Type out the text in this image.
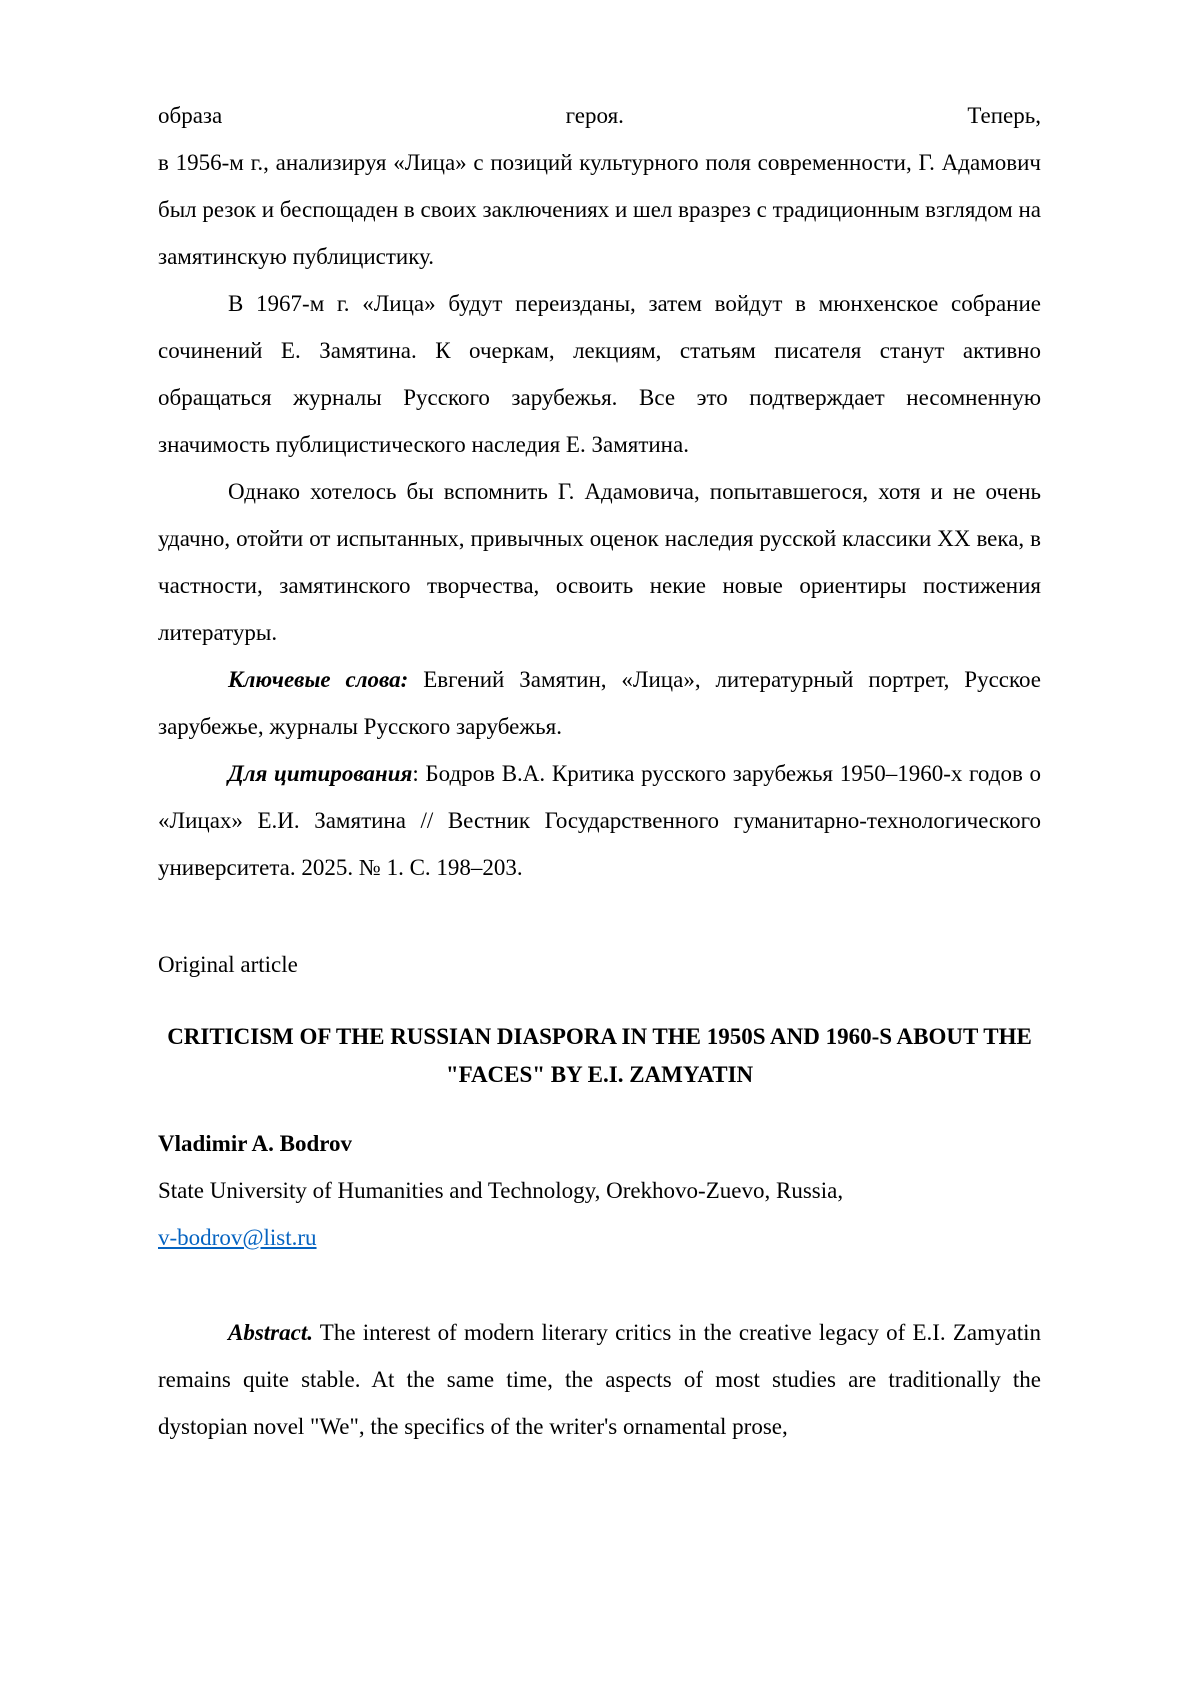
образа	героя.	Теперь,
в 1956-м г., анализируя «Лица» с позиций культурного поля современности, Г. Адамович был резок и беспощаден в своих заключениях и шел вразрез с традиционным взглядом на замятинскую публицистику.

В 1967-м г. «Лица» будут переизданы, затем войдут в мюнхенское собрание сочинений Е. Замятина. К очеркам, лекциям, статьям писателя станут активно обращаться журналы Русского зарубежья. Все это подтверждает несомненную значимость публицистического наследия Е. Замятина.

Однако хотелось бы вспомнить Г. Адамовича, попытавшегося, хотя и не очень удачно, отойти от испытанных, привычных оценок наследия русской классики XX века, в частности, замятинского творчества, освоить некие новые ориентиры постижения литературы.

Ключевые слова: Евгений Замятин, «Лица», литературный портрет, Русское зарубежье, журналы Русского зарубежья.

Для цитирования: Бодров В.А. Критика русского зарубежья 1950–1960-х годов о «Лицах» Е.И. Замятина // Вестник Государственного гуманитарно-технологического университета. 2025. № 1. С. 198–203.

Original article

CRITICISM OF THE RUSSIAN DIASPORA IN THE 1950S AND 1960-S ABOUT THE "FACES" BY E.I. ZAMYATIN

Vladimir A. Bodrov

State University of Humanities and Technology, Orekhovo-Zuevo, Russia,

v-bodrov@list.ru

Abstract. The interest of modern literary critics in the creative legacy of E.I. Zamyatin remains quite stable. At the same time, the aspects of most studies are traditionally the dystopian novel "We", the specifics of the writer's ornamental prose,
